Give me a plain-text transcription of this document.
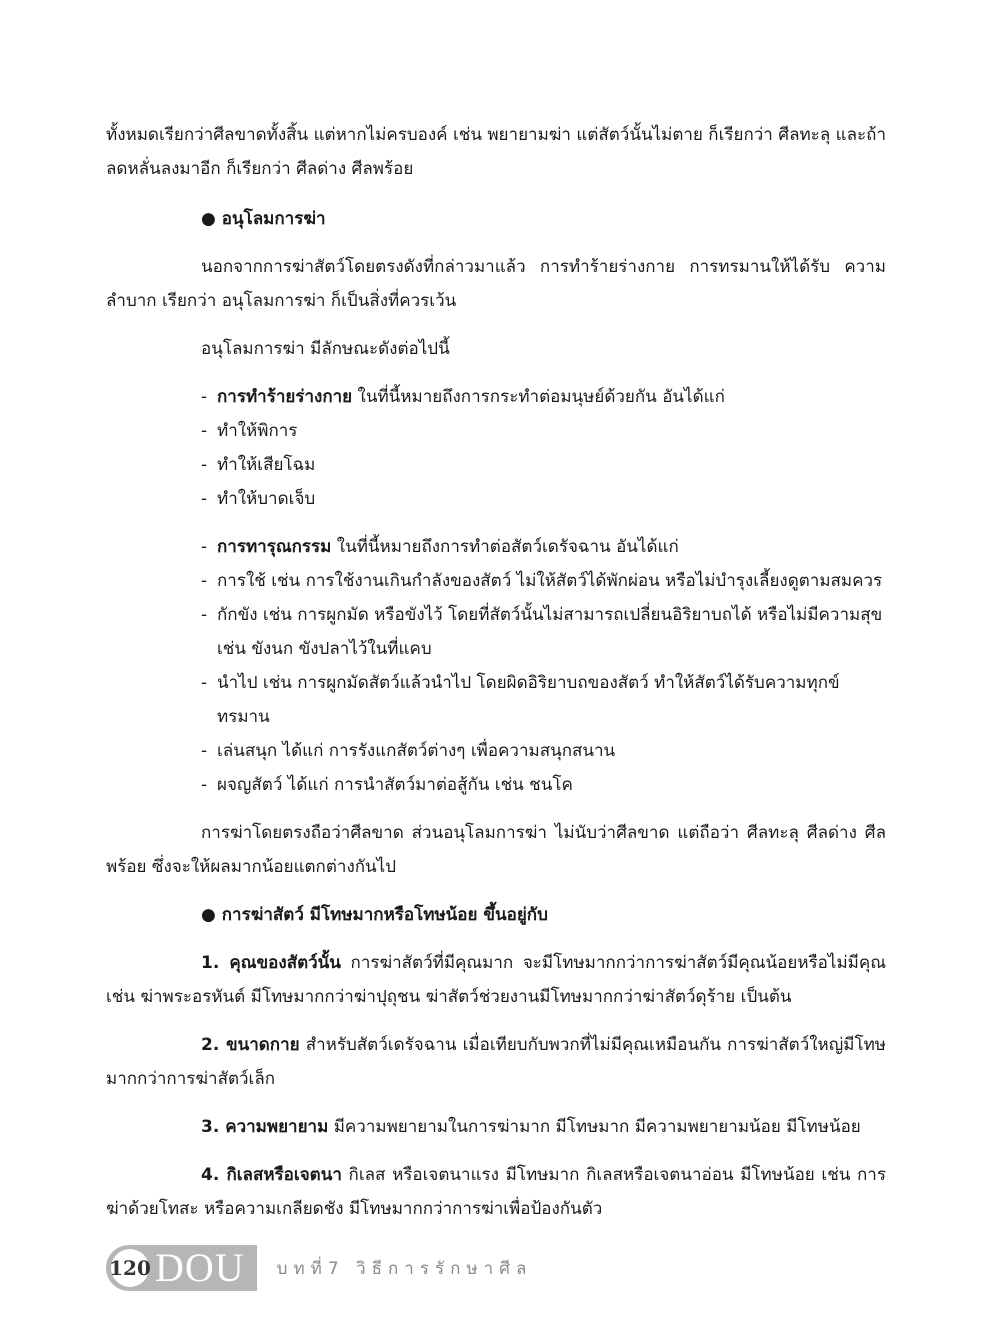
ทั้งหมดเรียกว่าศีลขาดทั้งสิ้น แต่หากไม่ครบองค์ เช่น พยายามฆ่า แต่สัตว์นั้นไม่ตาย ก็เรียกว่า ศีลทะลุ และถ้าลดหลั่นลงมาอีก ก็เรียกว่า ศีลด่าง ศีลพร้อย

● อนุโลมการฆ่า

นอกจากการฆ่าสัตว์โดยตรงดังที่กล่าวมาแล้ว การทำร้ายร่างกาย การทรมานให้ได้รับ ความลำบาก เรียกว่า อนุโลมการฆ่า ก็เป็นสิ่งที่ควรเว้น

อนุโลมการฆ่า มีลักษณะดังต่อไปนี้

- การทำร้ายร่างกาย ในที่นี้หมายถึงการกระทำต่อมนุษย์ด้วยกัน อันได้แก่
- ทำให้พิการ
- ทำให้เสียโฉม
- ทำให้บาดเจ็บ
- การทารุณกรรม ในที่นี้หมายถึงการทำต่อสัตว์เดรัจฉาน อันได้แก่
- การใช้ เช่น การใช้งานเกินกำลังของสัตว์ ไม่ให้สัตว์ได้พักผ่อน หรือไม่บำรุงเลี้ยงดูตามสมควร
- กักขัง เช่น การผูกมัด หรือขังไว้ โดยที่สัตว์นั้นไม่สามารถเปลี่ยนอิริยาบถได้ หรือไม่มีความสุข เช่น ขังนก ขังปลาไว้ในที่แคบ
- นำไป เช่น การผูกมัดสัตว์แล้วนำไป โดยผิดอิริยาบถของสัตว์ ทำให้สัตว์ได้รับความทุกข์ทรมาน
- เล่นสนุก ได้แก่ การรังแกสัตว์ต่างๆ เพื่อความสนุกสนาน
- ผจญสัตว์ ได้แก่ การนำสัตว์มาต่อสู้กัน เช่น ชนโค

การฆ่าโดยตรงถือว่าศีลขาด ส่วนอนุโลมการฆ่า ไม่นับว่าศีลขาด แต่ถือว่า ศีลทะลุ ศีลด่าง ศีลพร้อย ซึ่งจะให้ผลมากน้อยแตกต่างกันไป

● การฆ่าสัตว์ มีโทษมากหรือโทษน้อย ขึ้นอยู่กับ

1. คุณของสัตว์นั้น การฆ่าสัตว์ที่มีคุณมาก จะมีโทษมากกว่าการฆ่าสัตว์มีคุณน้อยหรือไม่มีคุณ เช่น ฆ่าพระอรหันต์ มีโทษมากกว่าฆ่าปุถุชน ฆ่าสัตว์ช่วยงานมีโทษมากกว่าฆ่าสัตว์ดุร้าย เป็นต้น

2. ขนาดกาย สำหรับสัตว์เดรัจฉาน เมื่อเทียบกับพวกที่ไม่มีคุณเหมือนกัน การฆ่าสัตว์ใหญ่มีโทษมากกว่าการฆ่าสัตว์เล็ก

3. ความพยายาม มีความพยายามในการฆ่ามาก มีโทษมาก มีความพยายามน้อย มีโทษน้อย

4. กิเลสหรือเจตนา กิเลส หรือเจตนาแรง มีโทษมาก กิเลสหรือเจตนาอ่อน มีโทษน้อย เช่น การฆ่าด้วยโทสะ หรือความเกลียดชัง มีโทษมากกว่าการฆ่าเพื่อป้องกันตัว

120 DOU บทที่7 วิธีการรักษาศีล
